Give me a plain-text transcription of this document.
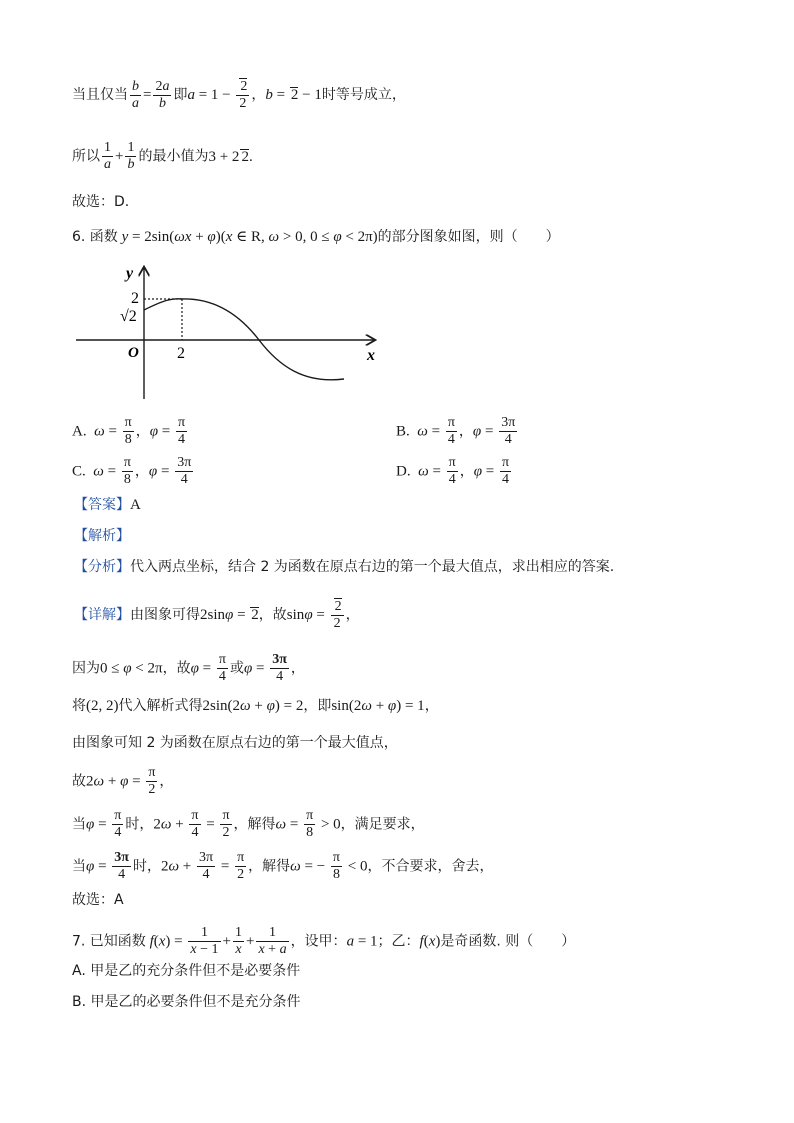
当且仅当 $\frac{b}{a} = \frac{2a}{b}$ 即$a = 1 - \frac{2}{2}$ ，b = 2 − 1时等号成立，
所以 $\frac{1}{a} + \frac{1}{b}$ 的最小值为3 + 2 2.
故选：D.
6. 函数 y = 2sin(ωx + φ)(x ∈ R, ω > 0, 0 ≤ φ < 2π)的部分图象如图，则（　　）
y
x
O
2
√2
2
A. $\omega = \frac{\pi}{8}$ ，$\varphi = \frac{\pi}{4}$	B. $\omega = \frac{\pi}{4}$ ，$\varphi = \frac{3\pi}{4}$
C. $\omega = \frac{\pi}{8}$ ，$\varphi = \frac{3\pi}{4}$	D. $\omega = \frac{\pi}{4}$ ，$\varphi = \frac{\pi}{4}$
【答案】A
【解析】
【分析】代入两点坐标，结合 2 为函数在原点右边的第一个最大值点，求出相应的答案.
【详解】由图象可得2sinφ = 2，故$\sin\varphi = \frac{2}{2}$ ，
因为0 ≤ φ < 2π，故$\varphi = \frac{\pi}{4}$ 或$\varphi = \frac{3\pi}{4}$ ，
将(2, 2)代入解析式得2sin(2ω + φ) = 2，即sin(2ω + φ) = 1，
由图象可知 2 为函数在原点右边的第一个最大值点，
故$2\omega + \varphi = \frac{\pi}{2}$ ，
当$\varphi = \frac{\pi}{4}$ 时，$2\omega + \frac{\pi}{4} = \frac{\pi}{2}$ ，解得$\omega = \frac{\pi}{8} > 0$，满足要求，
当$\varphi = \frac{3\pi}{4}$ 时，$2\omega + \frac{3\pi}{4} = \frac{\pi}{2}$ ，解得ω = − $\frac{\pi}{8} < 0$，不合要求，舍去，
故选：A
7. 已知函数 $f(x) = \frac{1}{x - 1} + \frac{1}{x} + \frac{1}{x + a}$ ，设甲：a = 1；乙：f(x)是奇函数. 则（　　）
A. 甲是乙的充分条件但不是必要条件
B. 甲是乙的必要条件但不是充分条件
